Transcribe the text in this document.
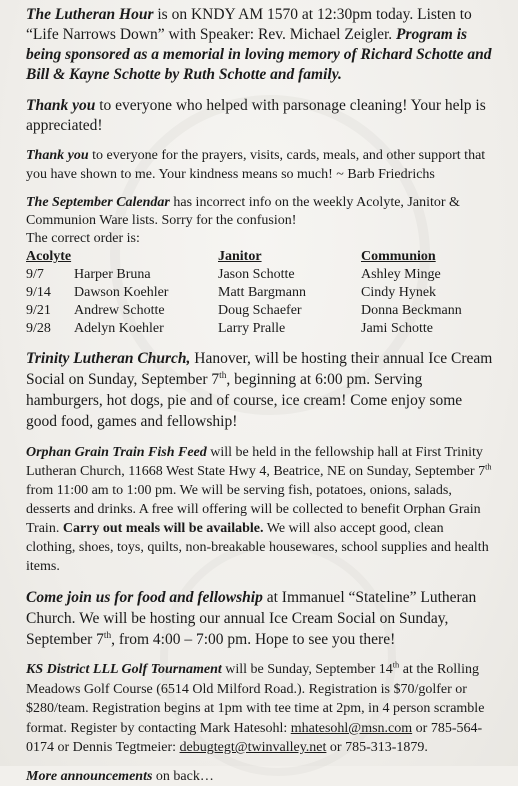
The Lutheran Hour is on KNDY AM 1570 at 12:30pm today. Listen to “Life Narrows Down” with Speaker: Rev. Michael Zeigler. Program is being sponsored as a memorial in loving memory of Richard Schotte and Bill & Kayne Schotte by Ruth Schotte and family.

Thank you to everyone who helped with parsonage cleaning! Your help is appreciated!

Thank you to everyone for the prayers, visits, cards, meals, and other support that you have shown to me. Your kindness means so much! ~ Barb Friedrichs

The September Calendar has incorrect info on the weekly Acolyte, Janitor & Communion Ware lists. Sorry for the confusion!
The correct order is:

Acolyte		Janitor	Communion
9/7	Harper Bruna	Jason Schotte	Ashley Minge
9/14	Dawson Koehler	Matt Bargmann	Cindy Hynek
9/21	Andrew Schotte	Doug Schaefer	Donna Beckmann
9/28	Adelyn Koehler	Larry Pralle	Jami Schotte

Trinity Lutheran Church, Hanover, will be hosting their annual Ice Cream Social on Sunday, September 7th, beginning at 6:00 pm. Serving hamburgers, hot dogs, pie and of course, ice cream! Come enjoy some good food, games and fellowship!

Orphan Grain Train Fish Feed will be held in the fellowship hall at First Trinity Lutheran Church, 11668 West State Hwy 4, Beatrice, NE on Sunday, September 7th from 11:00 am to 1:00 pm. We will be serving fish, potatoes, onions, salads, desserts and drinks. A free will offering will be collected to benefit Orphan Grain Train. Carry out meals will be available. We will also accept good, clean clothing, shoes, toys, quilts, non-breakable housewares, school supplies and health items.

Come join us for food and fellowship at Immanuel “Stateline” Lutheran Church. We will be hosting our annual Ice Cream Social on Sunday, September 7th, from 4:00 – 7:00 pm. Hope to see you there!

KS District LLL Golf Tournament will be Sunday, September 14th at the Rolling Meadows Golf Course (6514 Old Milford Road.). Registration is $70/golfer or $280/team. Registration begins at 1pm with tee time at 2pm, in 4 person scramble format. Register by contacting Mark Hatesohl: mhatesohl@msn.com or 785-564-0174 or Dennis Tegtmeier: debugtegt@twinvalley.net or 785-313-1879.

More announcements on back…
